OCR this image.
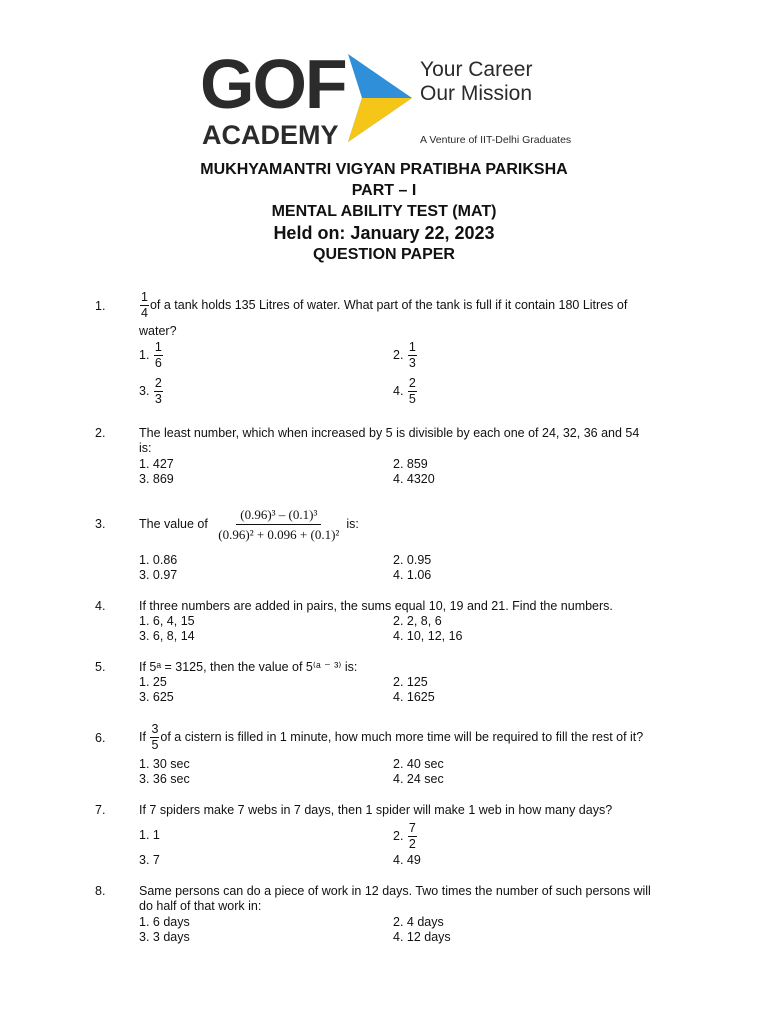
GOF
ACADEMY
Your Career
Our Mission
A Venture of IIT-Delhi Graduates
MUKHYAMANTRI VIGYAN PRATIBHA PARIKSHA
PART – I
MENTAL ABILITY TEST (MAT)
Held on: January 22, 2023
QUESTION PAPER
1.	$\frac{1}{4}$ of a tank holds 135 Litres of water. What part of the tank is full if it contain 180 Litres of
water?
1. $\frac{1}{6}$	2. $\frac{1}{3}$
3. $\frac{2}{3}$	4. $\frac{2}{5}$
2.	The least number, which when increased by 5 is divisible by each one of 24, 32, 36 and 54
is:
1. 427	2. 859
3. 869	4. 4320
3.	The value of $\frac{\text{(0.96)³ – (0.1)³}}{\text{(0.96)² + 0.096 + (0.1)²}}$ is:
1. 0.86	2. 0.95
3. 0.97	4. 1.06
4.	If three numbers are added in pairs, the sums equal 10, 19 and 21. Find the numbers.
1. 6, 4, 15	2. 2, 8, 6
3. 6, 8, 14	4. 10, 12, 16
5.	If 5ᵃ = 3125, then the value of 5⁽ᵃ ⁻ ³⁾ is:
1. 25	2. 125
3. 625	4. 1625
6.	If $\frac{3}{5}$ of a cistern is filled in 1 minute, how much more time will be required to fill the rest of it?
1. 30 sec	2. 40 sec
3. 36 sec	4. 24 sec
7.	If 7 spiders make 7 webs in 7 days, then 1 spider will make 1 web in how many days?
1. 1	2. $\frac{7}{2}$
3. 7	4. 49
8.	Same persons can do a piece of work in 12 days. Two times the number of such persons will
do half of that work in:
1. 6 days	2. 4 days
3. 3 days	4. 12 days
